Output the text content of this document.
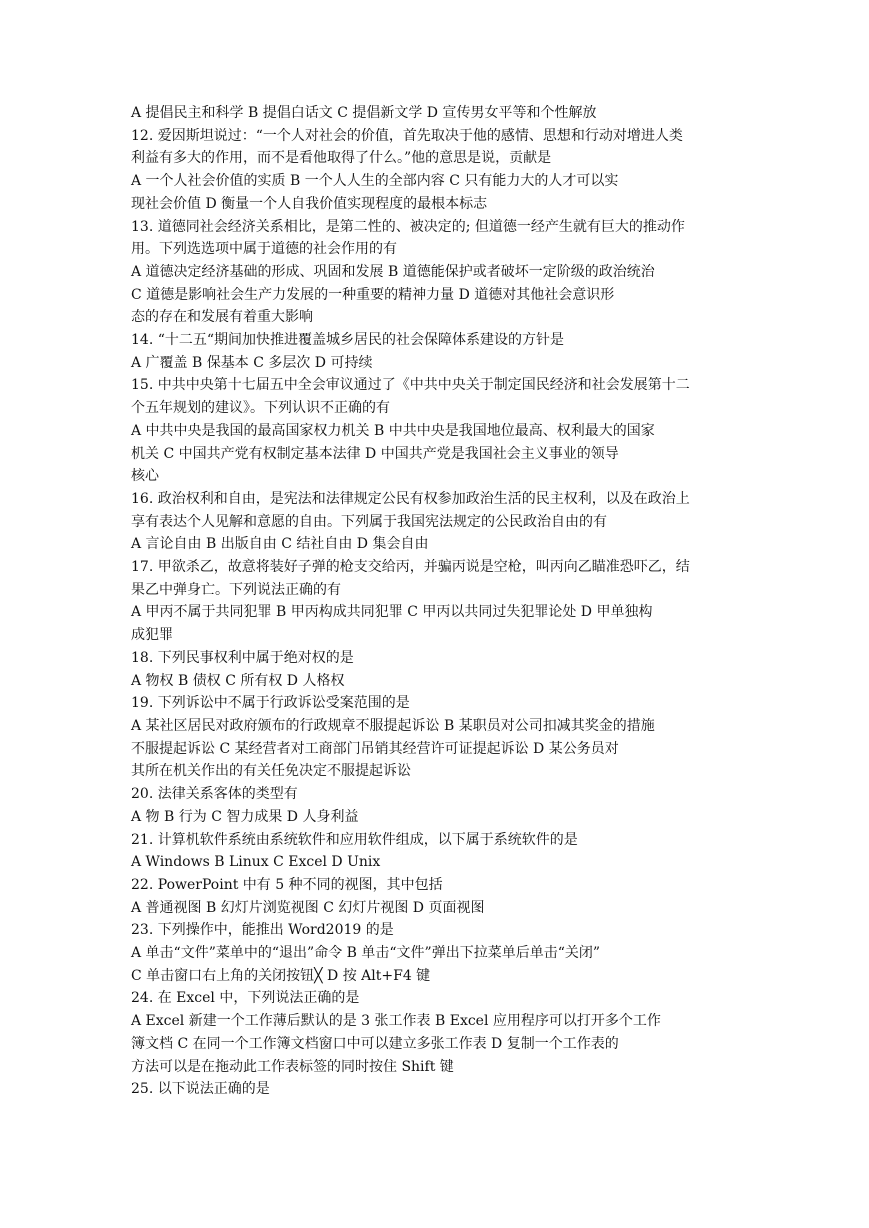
A 提倡民主和科学 B 提倡白话文 C 提倡新文学 D 宣传男女平等和个性解放

12. 爱因斯坦说过：“一个人对社会的价值，首先取决于他的感情、思想和行动对增进人类

利益有多大的作用，而不是看他取得了什么。”他的意思是说，贡献是

A 一个人社会价值的实质 B 一个人人生的全部内容 C 只有能力大的人才可以实

现社会价值 D 衡量一个人自我价值实现程度的最根本标志

13. 道德同社会经济关系相比，是第二性的、被决定的; 但道德一经产生就有巨大的推动作

用。下列选选项中属于道德的社会作用的有

A 道德决定经济基础的形成、巩固和发展 B 道德能保护或者破坏一定阶级的政治统治

C 道德是影响社会生产力发展的一种重要的精神力量 D 道德对其他社会意识形

态的存在和发展有着重大影响

14. “十二五“期间加快推进覆盖城乡居民的社会保障体系建设的方针是

A 广覆盖 B 保基本 C 多层次 D 可持续

15. 中共中央第十七届五中全会审议通过了《中共中央关于制定国民经济和社会发展第十二

个五年规划的建议》。下列认识不正确的有

A 中共中央是我国的最高国家权力机关 B 中共中央是我国地位最高、权利最大的国家

机关 C 中国共产党有权制定基本法律 D 中国共产党是我国社会主义事业的领导

核心

16. 政治权利和自由，是宪法和法律规定公民有权参加政治生活的民主权利，以及在政治上

享有表达个人见解和意愿的自由。下列属于我国宪法规定的公民政治自由的有

A 言论自由 B 出版自由 C 结社自由 D 集会自由

17. 甲欲杀乙，故意将装好子弹的枪支交给丙，并骗丙说是空枪，叫丙向乙瞄准恐吓乙，结

果乙中弹身亡。下列说法正确的有

A 甲丙不属于共同犯罪 B 甲丙构成共同犯罪 C 甲丙以共同过失犯罪论处 D 甲单独构

成犯罪

18. 下列民事权利中属于绝对权的是

A 物权 B 债权 C 所有权 D 人格权

19. 下列诉讼中不属于行政诉讼受案范围的是

A 某社区居民对政府颁布的行政规章不服提起诉讼 B 某职员对公司扣减其奖金的措施

不服提起诉讼 C 某经营者对工商部门吊销其经营许可证提起诉讼 D 某公务员对

其所在机关作出的有关任免决定不服提起诉讼

20. 法律关系客体的类型有

A 物 B 行为 C 智力成果 D 人身利益

21. 计算机软件系统由系统软件和应用软件组成，以下属于系统软件的是

A Windows B Linux C Excel D Unix

22. PowerPoint 中有 5 种不同的视图，其中包括

A 普通视图 B 幻灯片浏览视图 C 幻灯片视图 D 页面视图

23. 下列操作中，能推出 Word2019 的是

A 单击“文件”菜单中的“退出”命令 B 单击“文件”弹出下拉菜单后单击“关闭”

C 单击窗口右上角的关闭按钮╳ D 按 Alt+F4 键

24. 在 Excel 中，下列说法正确的是

A Excel 新建一个工作薄后默认的是 3 张工作表 B Excel 应用程序可以打开多个工作

簿文档 C 在同一个工作簿文档窗口中可以建立多张工作表 D 复制一个工作表的

方法可以是在拖动此工作表标签的同时按住 Shift 键

25. 以下说法正确的是
